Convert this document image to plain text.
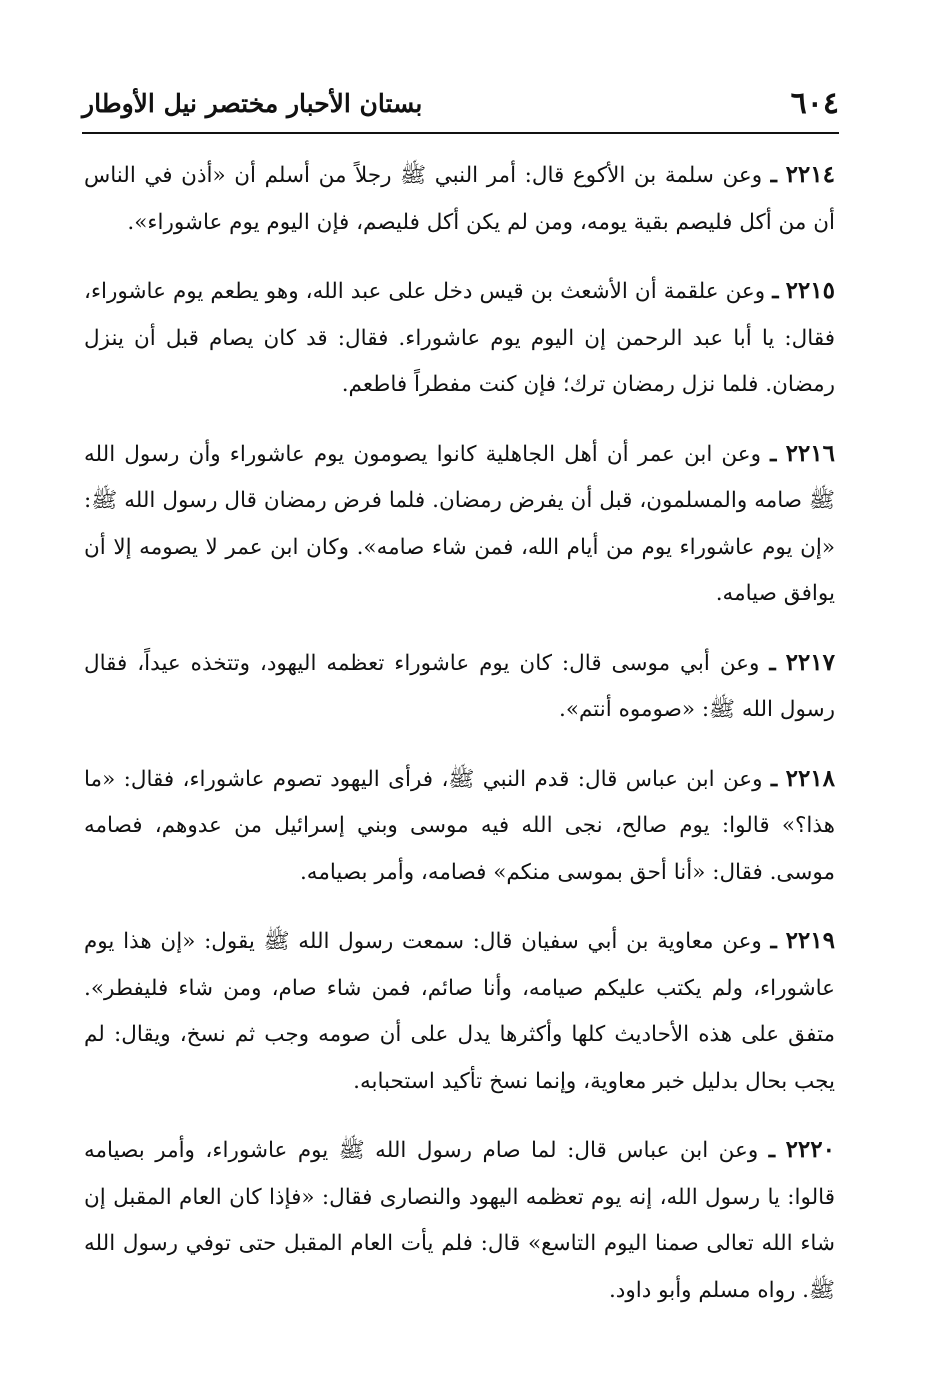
٦٠٤
بستان الأحبار مختصر نيل الأوطار

٢٢١٤ ـ وعن سلمة بن الأكوع قال: أمر النبي ﷺ رجلاً من أسلم أن «أذن في الناس أن من أكل فليصم بقية يومه، ومن لم يكن أكل فليصم، فإن اليوم يوم عاشوراء».

٢٢١٥ ـ وعن علقمة أن الأشعث بن قيس دخل على عبد الله، وهو يطعم يوم عاشوراء، فقال: يا أبا عبد الرحمن إن اليوم يوم عاشوراء. فقال: قد كان يصام قبل أن ينزل رمضان. فلما نزل رمضان ترك؛ فإن كنت مفطراً فاطعم.

٢٢١٦ ـ وعن ابن عمر أن أهل الجاهلية كانوا يصومون يوم عاشوراء وأن رسول الله ﷺ صامه والمسلمون، قبل أن يفرض رمضان. فلما فرض رمضان قال رسول الله ﷺ: «إن يوم عاشوراء يوم من أيام الله، فمن شاء صامه». وكان ابن عمر لا يصومه إلا أن يوافق صيامه.

٢٢١٧ ـ وعن أبي موسى قال: كان يوم عاشوراء تعظمه اليهود، وتتخذه عيداً، فقال رسول الله ﷺ: «صوموه أنتم».

٢٢١٨ ـ وعن ابن عباس قال: قدم النبي ﷺ، فرأى اليهود تصوم عاشوراء، فقال: «ما هذا؟» قالوا: يوم صالح، نجى الله فيه موسى وبني إسرائيل من عدوهم، فصامه موسى. فقال: «أنا أحق بموسى منكم» فصامه، وأمر بصيامه.

٢٢١٩ ـ وعن معاوية بن أبي سفيان قال: سمعت رسول الله ﷺ يقول: «إن هذا يوم عاشوراء، ولم يكتب عليكم صيامه، وأنا صائم، فمن شاء صام، ومن شاء فليفطر». متفق على هذه الأحاديث كلها وأكثرها يدل على أن صومه وجب ثم نسخ، ويقال: لم يجب بحال بدليل خبر معاوية، وإنما نسخ تأكيد استحبابه.

٢٢٢٠ ـ وعن ابن عباس قال: لما صام رسول الله ﷺ يوم عاشوراء، وأمر بصيامه قالوا: يا رسول الله، إنه يوم تعظمه اليهود والنصارى فقال: «فإذا كان العام المقبل إن شاء الله تعالى صمنا اليوم التاسع» قال: فلم يأت العام المقبل حتى توفي رسول الله ﷺ. رواه مسلم وأبو داود.
